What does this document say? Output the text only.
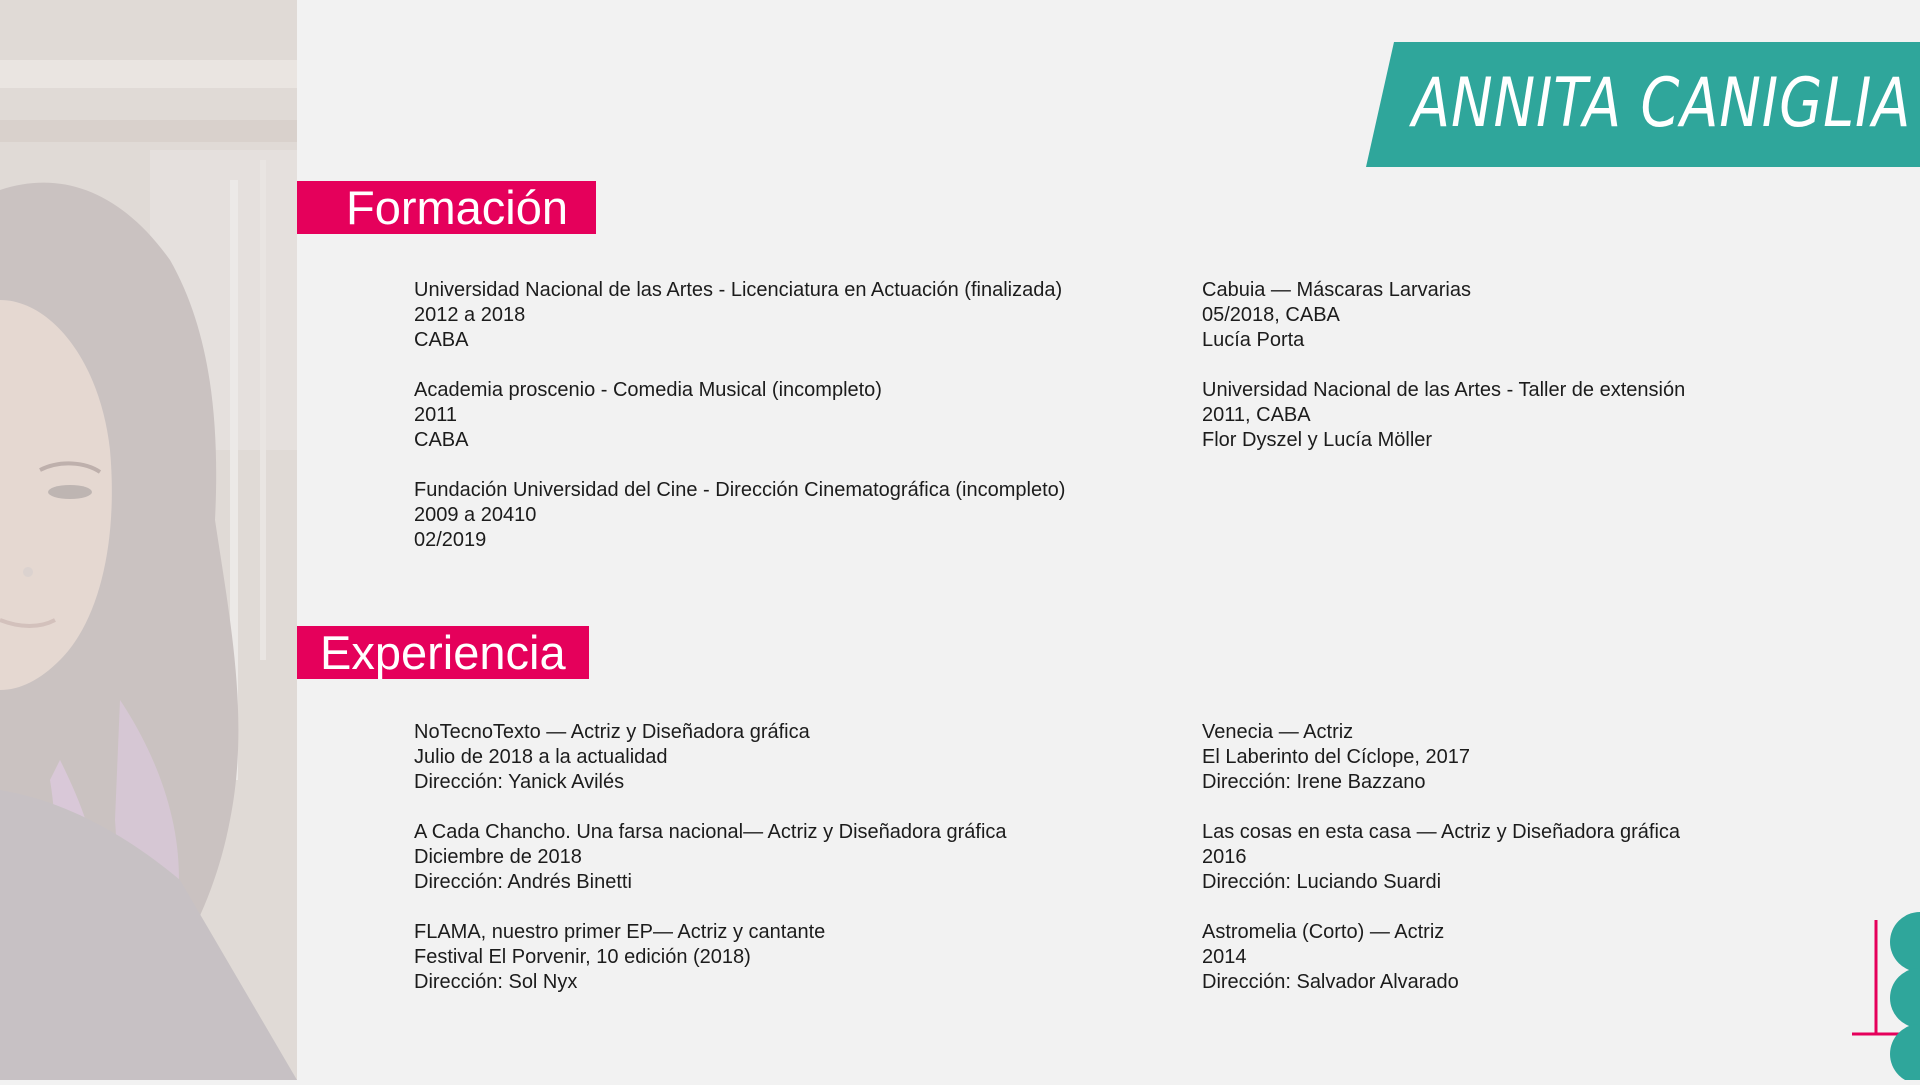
ANNITA CANIGLIA
Formación
Universidad Nacional de las Artes - Licenciatura en Actuación (finalizada)
2012 a 2018
CABA
Academia proscenio - Comedia Musical (incompleto)
2011
CABA
Fundación Universidad del Cine - Dirección Cinematográfica (incompleto)
2009 a 20410
02/2019
Cabuia — Máscaras Larvarias
05/2018, CABA
Lucía Porta
Universidad Nacional de las Artes - Taller de extensión
2011, CABA
Flor Dyszel y Lucía Möller
Experiencia
NoTecnoTexto — Actriz y Diseñadora gráfica
Julio de 2018 a la actualidad
Dirección: Yanick Avilés
A Cada Chancho. Una farsa nacional— Actriz y Diseñadora gráfica
Diciembre de 2018
Dirección: Andrés Binetti
FLAMA, nuestro primer EP— Actriz y cantante
Festival El Porvenir, 10 edición (2018)
Dirección: Sol Nyx
Venecia — Actriz
El Laberinto del Cíclope, 2017
Dirección: Irene Bazzano
Las cosas en esta casa — Actriz y Diseñadora gráfica
2016
Dirección: Luciando Suardi
Astromelia (Corto) — Actriz
2014
Dirección: Salvador Alvarado
